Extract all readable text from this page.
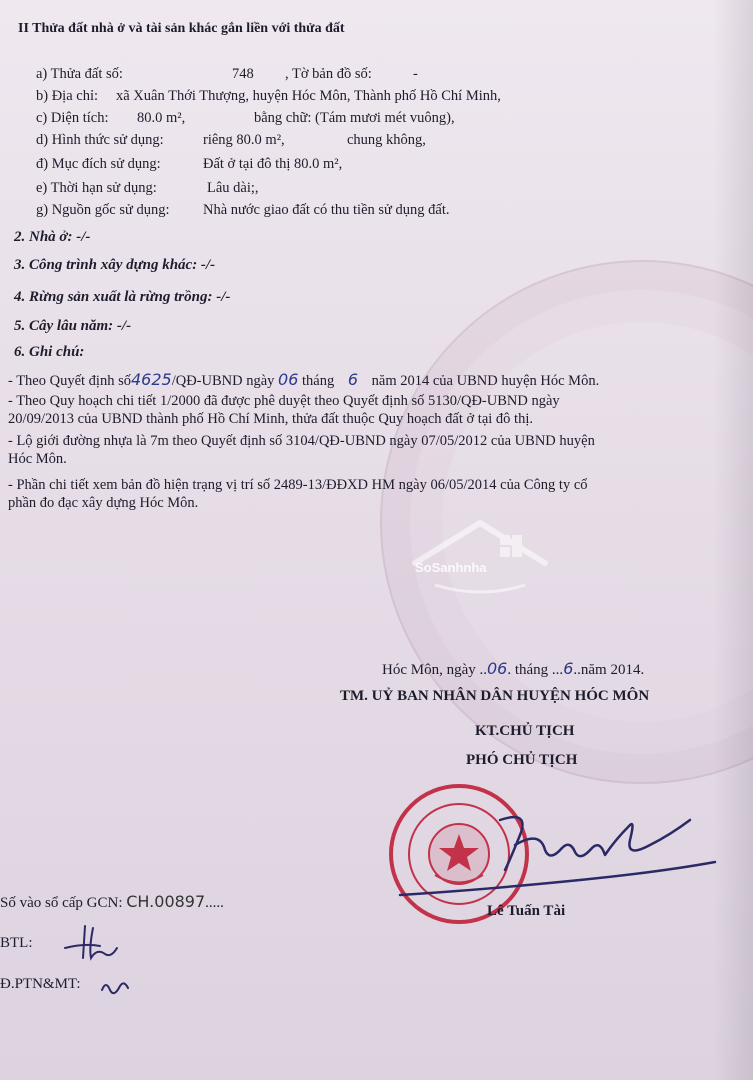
II Thửa đất nhà ở và tài sản khác gắn liền với thửa đất
a) Thửa đất số:	748 , Tờ bản đồ số:	-
b) Địa chỉ: xã Xuân Thới Thượng, huyện Hóc Môn, Thành phố Hồ Chí Minh,
c) Diện tích: 80.0 m²,	bằng chữ: (Tám mươi mét vuông),
d) Hình thức sử dụng:	riêng 80.0 m²,	chung không,
đ) Mục đích sử dụng:	Đất ở tại đô thị 80.0 m²,
e) Thời hạn sử dụng:	Lâu dài;,
g) Nguồn gốc sử dụng: Nhà nước giao đất có thu tiền sử dụng đất.
2. Nhà ở: -/-
3. Công trình xây dựng khác: -/-
4. Rừng sản xuất là rừng trồng: -/-
5. Cây lâu năm: -/-
6. Ghi chú:
- Theo Quyết định số4625/QĐ-UBND ngày 06 tháng 6 năm 2014 của UBND huyện Hóc Môn.
- Theo Quy hoạch chi tiết 1/2000 đã được phê duyệt theo Quyết định số 5130/QĐ-UBND ngày
20/09/2013 của UBND thành phố Hồ Chí Minh, thửa đất thuộc Quy hoạch đất ở tại đô thị.
- Lộ giới đường nhựa là 7m theo Quyết định số 3104/QĐ-UBND ngày 07/05/2012 của UBND huyện
Hóc Môn.
- Phần chi tiết xem bản đồ hiện trạng vị trí số 2489-13/ĐĐXD HM ngày 06/05/2014 của Công ty cổ
phần đo đạc xây dựng Hóc Môn.
SoSanhnha
Hóc Môn, ngày ..06. tháng ...6..năm 2014.
TM. UỶ BAN NHÂN DÂN HUYỆN HÓC MÔN
KT.CHỦ TỊCH
PHÓ CHỦ TỊCH
Lê Tuấn Tài
Số vào sổ cấp GCN: CH.00897.....
BTL:
Đ.PTN&MT:
